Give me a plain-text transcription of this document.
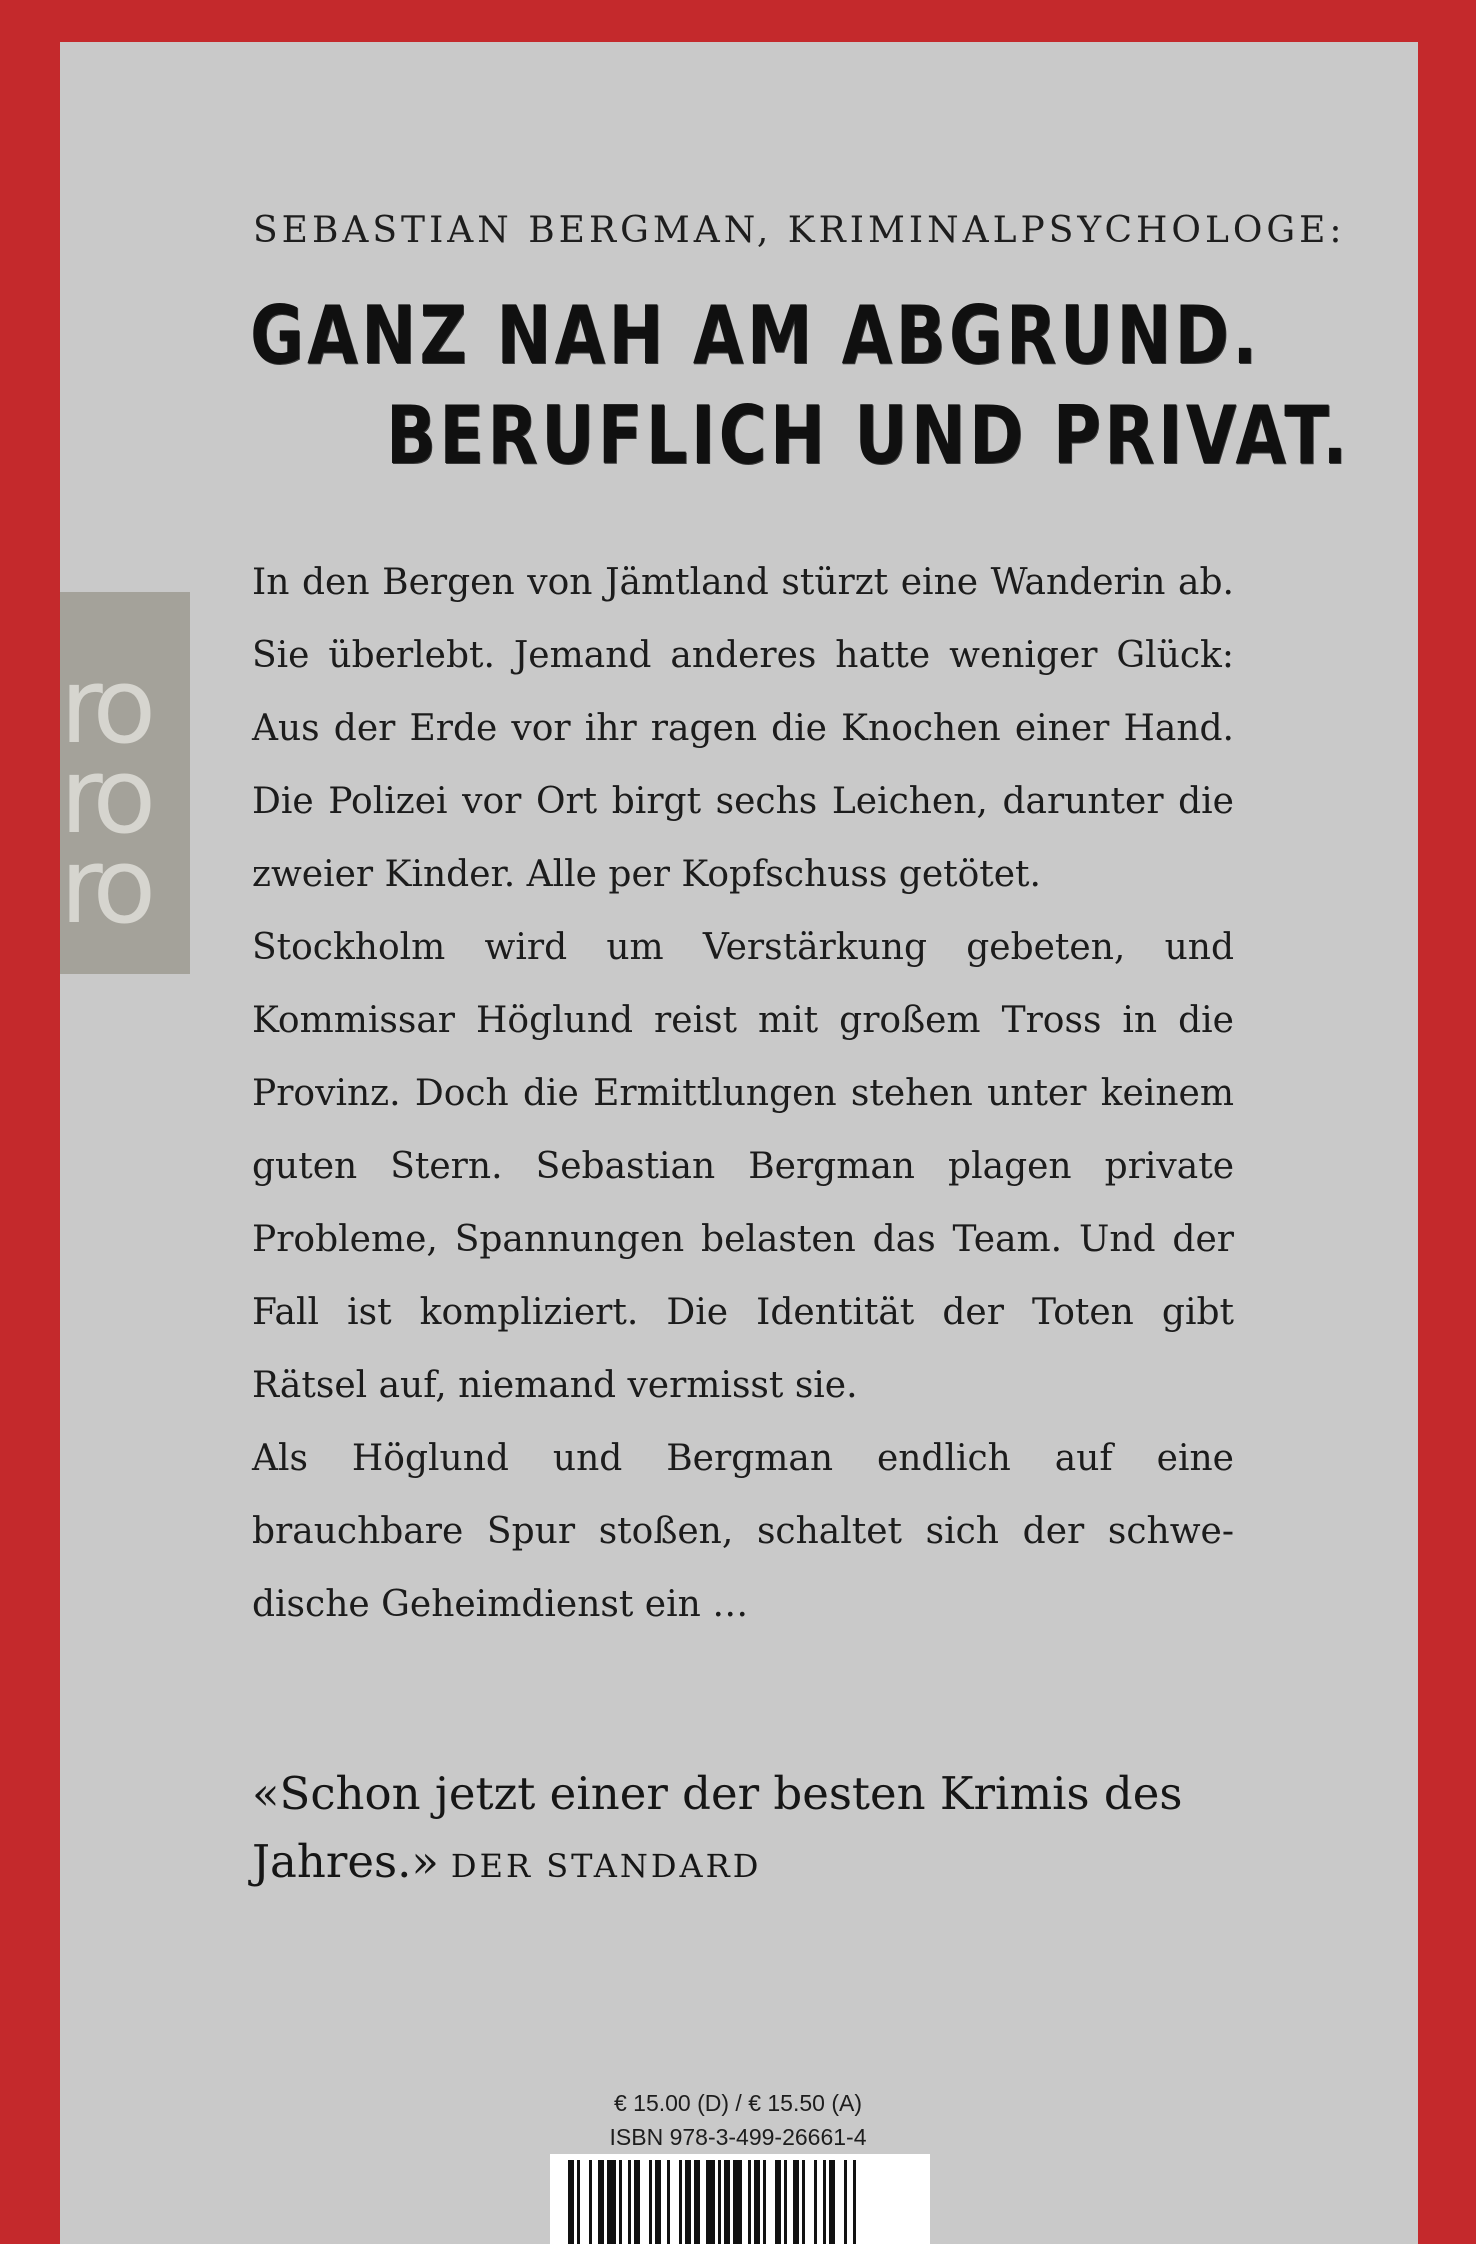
ro
ro
ro
SEBASTIAN BERGMAN, KRIMINALPSYCHOLOGE:
GANZ NAH AM ABGRUND.
BERUFLICH UND PRIVAT.

In den Bergen von Jämtland stürzt eine Wanderin ab. Sie überlebt. Jemand anderes hatte weniger Glück: Aus der Erde vor ihr ragen die Knochen einer Hand. Die Polizei vor Ort birgt sechs Leichen, darunter die zweier Kinder. Alle per Kopfschuss getötet.

Stockholm wird um Verstärkung gebeten, und Kommissar Höglund reist mit großem Tross in die Provinz. Doch die Ermittlungen stehen unter keinem guten Stern. Sebastian Bergman plagen private Probleme, Spannungen belasten das Team. Und der Fall ist kompliziert. Die Identität der Toten gibt Rätsel auf, niemand vermisst sie.

Als Höglund und Bergman endlich auf eine brauchbare Spur stoßen, schaltet sich der schwedische Geheimdienst ein …

«Schon jetzt einer der besten Krimis des Jahres.» DER STANDARD
€ 15.00 (D) / € 15.50 (A)
ISBN 978-3-499-26661-4
